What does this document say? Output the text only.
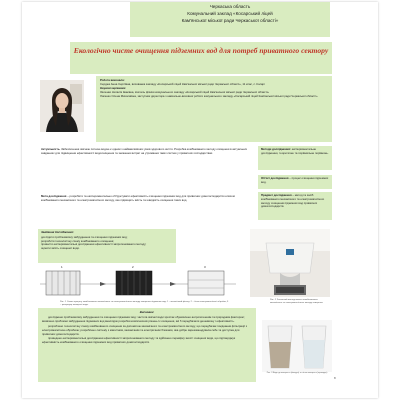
Черкаська область
Комунальний заклад «Косарський ліцей
Кам'янської міської ради Черкаської області»
Екологічно чисте очищення підземних вод для потреб приватного сектору
Робота виконала:
Сердюк Анна Сергіївна, вихованка закладу «Косарський ліцей Кам'янської міської ради Черкаської області», 11 клас, с. Косарі
Наукові керівники:
Зінченко Наталія Іванівна, вчитель фізики комунального закладу «Косарський ліцей Кам'янської міської ради Черкаської області»
Лисенко Олена Миколаївна, заступник директора з навчально-виховної роботи комунального закладу «Косарський ліцей Кам'янської міської ради Черкаської області»
Актуальність. Забезпечення якісною питною водою є одним з найважливіших умов здорового життя. Розробка комбінованого методу очищення в актуальних завданнях для підвищення ефективності водоочищення та зниження витрат на утримання таких систем у приватних господарствах.
Методи дослідження: експериментальне дослідження, теоретичне та порівняльне порівнянь.
Об'єкт дослідження – процес очищення підземних вод.
Предмет дослідження – метод та засіб комбінованого механічного та електромагнітного методу очищення підземних вод приватних домогосподарств.
Мета дослідження – розробити та експериментально обґрунтувати ефективність очищення підземних вод для приватних домогосподарств шляхом комбінованого механічного та електромагнітного методу, яке підвищить якість та швидкість очищення таких вод.
Завдання дослідження:
дослідити проблематику забруднення та очищення підземних вод;
розробити технологічну схему комбінованого очищення;
провести експериментальні дослідження ефективності запропонованого методу;
оцінити якість очищеної води.
1	2	3
Рис. 1 Схема процесу комбінованого механічного та електромагнітного методу очищення підземних вод: 1 – механічний фільтр; 2 – блок електромагнітної обробки; 3 – резервуар очищеної води.
Рис. 2 Загальний вигляд макета комбінованого механічного та електромагнітного методу очищення
Рис. 3 Вода до очищення (ліворуч) та після очищення (праворуч)
Висновки:

досліджено проблематику забруднення та очищення підземних вод: частота якісної води зростає обумовлено антропогенним та природним фактором; виявлено проблеми забруднення підземних вод внаслідок розробки комплексних рішень їх очищення, які б передбачали дешевизну і ефективність.

розроблено технологічну схему комбінованого очищення за допомогою механічного та електромагнітного методу, що передбачає поєднання фільтрації з електромагнітною обробкою; розроблено систему з магнітним, механічним та електричним блоками, яка добре зарекомендувала себе та доступна для приватних домогосподарств.

проведено експериментальні дослідження ефективності запропонованого методу та здійснено перевірку якості очищеної води, що підтверджує ефективність комбінованого очищення підземних вод приватних домогосподарств.

8
